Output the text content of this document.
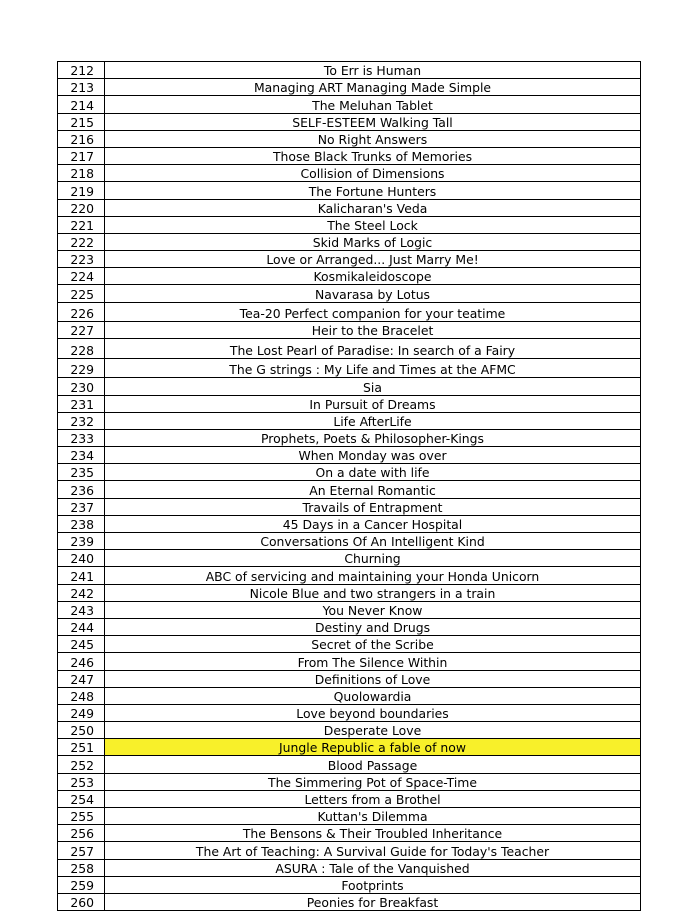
212	To Err is Human
213	Managing ART Managing Made Simple
214	The Meluhan Tablet
215	SELF-ESTEEM Walking Tall
216	No Right Answers
217	Those Black Trunks of Memories
218	Collision of Dimensions
219	The Fortune Hunters
220	Kalicharan's Veda
221	The Steel Lock
222	Skid Marks of Logic
223	Love or Arranged... Just Marry Me!
224	Kosmikaleidoscope
225	Navarasa by Lotus
226	Tea-20 Perfect companion for your teatime
227	Heir to the Bracelet
228	The Lost Pearl of Paradise: In search of a Fairy
229	The G strings : My Life and Times at the AFMC
230	Sia
231	In Pursuit of Dreams
232	Life AfterLife
233	Prophets, Poets & Philosopher-Kings
234	When Monday was over
235	On a date with life
236	An Eternal Romantic
237	Travails of Entrapment
238	45 Days in a Cancer Hospital
239	Conversations Of An Intelligent Kind
240	Churning
241	ABC of servicing and maintaining your Honda Unicorn
242	Nicole Blue and two strangers in a train
243	You Never Know
244	Destiny and Drugs
245	Secret of the Scribe
246	From The Silence Within
247	Definitions of Love
248	Quolowardia
249	Love beyond boundaries
250	Desperate Love
251	Jungle Republic a fable of now
252	Blood Passage
253	The Simmering Pot of Space-Time
254	Letters from a Brothel
255	Kuttan's Dilemma
256	The Bensons & Their Troubled Inheritance
257	The Art of Teaching: A Survival Guide for Today's Teacher
258	ASURA : Tale of the Vanquished
259	Footprints
260	Peonies for Breakfast
